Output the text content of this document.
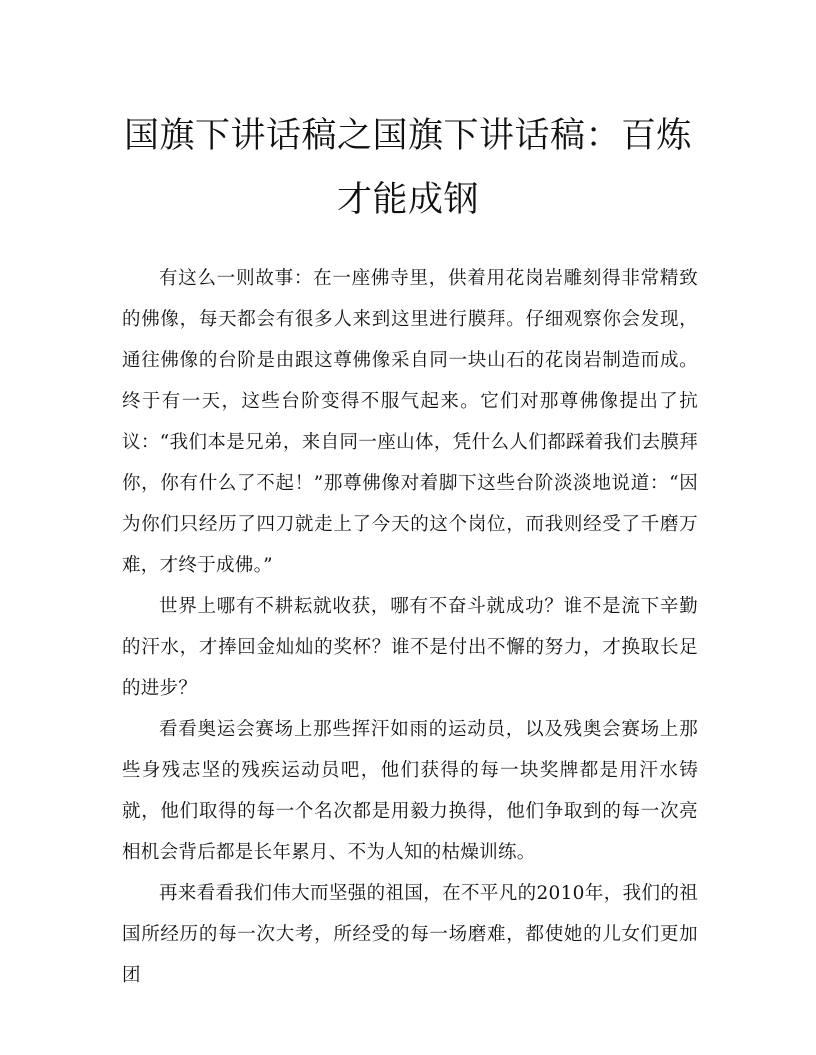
国旗下讲话稿之国旗下讲话稿：百炼才能成钢

有这么一则故事：在一座佛寺里，供着用花岗岩雕刻得非常精致的佛像，每天都会有很多人来到这里进行膜拜。仔细观察你会发现，通往佛像的台阶是由跟这尊佛像采自同一块山石的花岗岩制造而成。终于有一天，这些台阶变得不服气起来。它们对那尊佛像提出了抗议：“我们本是兄弟，来自同一座山体，凭什么人们都踩着我们去膜拜你，你有什么了不起！”那尊佛像对着脚下这些台阶淡淡地说道：“因为你们只经历了四刀就走上了今天的这个岗位，而我则经受了千磨万难，才终于成佛。”

世界上哪有不耕耘就收获，哪有不奋斗就成功？谁不是流下辛勤的汗水，才捧回金灿灿的奖杯？谁不是付出不懈的努力，才换取长足的进步？

看看奥运会赛场上那些挥汗如雨的运动员，以及残奥会赛场上那些身残志坚的残疾运动员吧，他们获得的每一块奖牌都是用汗水铸就，他们取得的每一个名次都是用毅力换得，他们争取到的每一次亮相机会背后都是长年累月、不为人知的枯燥训练。

再来看看我们伟大而坚强的祖国，在不平凡的2010年，我们的祖国所经历的每一次大考，所经受的每一场磨难，都使她的儿女们更加团
